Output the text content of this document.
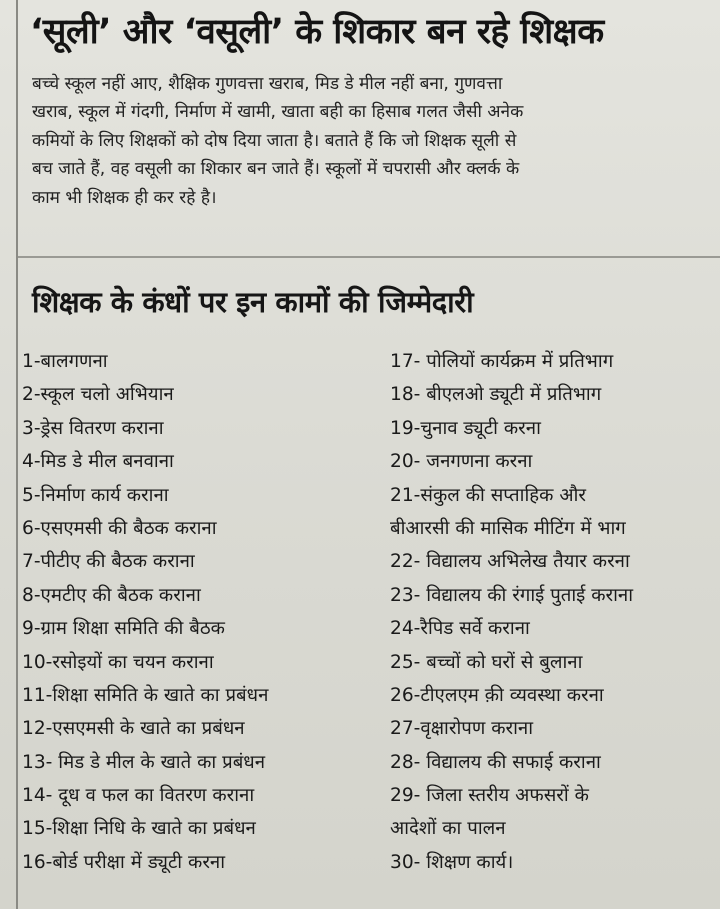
‘सूली’ और ‘वसूली’ के शिकार बन रहे शिक्षक
बच्चे स्कूल नहीं आए, शैक्षिक गुणवत्ता खराब, मिड डे मील नहीं बना, गुणवत्ता
खराब, स्कूल में गंदगी, निर्माण में खामी, खाता बही का हिसाब गलत जैसी अनेक
कमियों के लिए शिक्षकों को दोष दिया जाता है। बताते हैं कि जो शिक्षक सूली से
बच जाते हैं, वह वसूली का शिकार बन जाते हैं। स्कूलों में चपरासी और क्लर्क के
काम भी शिक्षक ही कर रहे है।
शिक्षक के कंधों पर इन कामों की जिम्मेदारी
1-बालगणना
2-स्कूल चलो अभियान
3-ड्रेस वितरण कराना
4-मिड डे मील बनवाना
5-निर्माण कार्य कराना
6-एसएमसी की बैठक कराना
7-पीटीए की बैठक कराना
8-एमटीए की बैठक कराना
9-ग्राम शिक्षा समिति की बैठक
10-रसोइयों का चयन कराना
11-शिक्षा समिति के खाते का प्रबंधन
12-एसएमसी के खाते का प्रबंधन
13- मिड डे मील के खाते का प्रबंधन
14- दूध व फल का वितरण कराना
15-शिक्षा निधि के खाते का प्रबंधन
16-बोर्ड परीक्षा में ड्यूटी करना
17- पोलियों कार्यक्रम में प्रतिभाग
18- बीएलओ ड्यूटी में प्रतिभाग
19-चुनाव ड्यूटी करना
20- जनगणना करना
21-संकुल की सप्ताहिक और
बीआरसी की मासिक मीटिंग में भाग
22- विद्यालय अभिलेख तैयार करना
23- विद्यालय की रंगाई पुताई कराना
24-रैपिड सर्वे कराना
25- बच्चों को घरों से बुलाना
26-टीएलएम क़ी व्यवस्था करना
27-वृक्षारोपण कराना
28- विद्यालय की सफाई कराना
29- जिला स्तरीय अफसरों के
आदेशों का पालन
30- शिक्षण कार्य।
